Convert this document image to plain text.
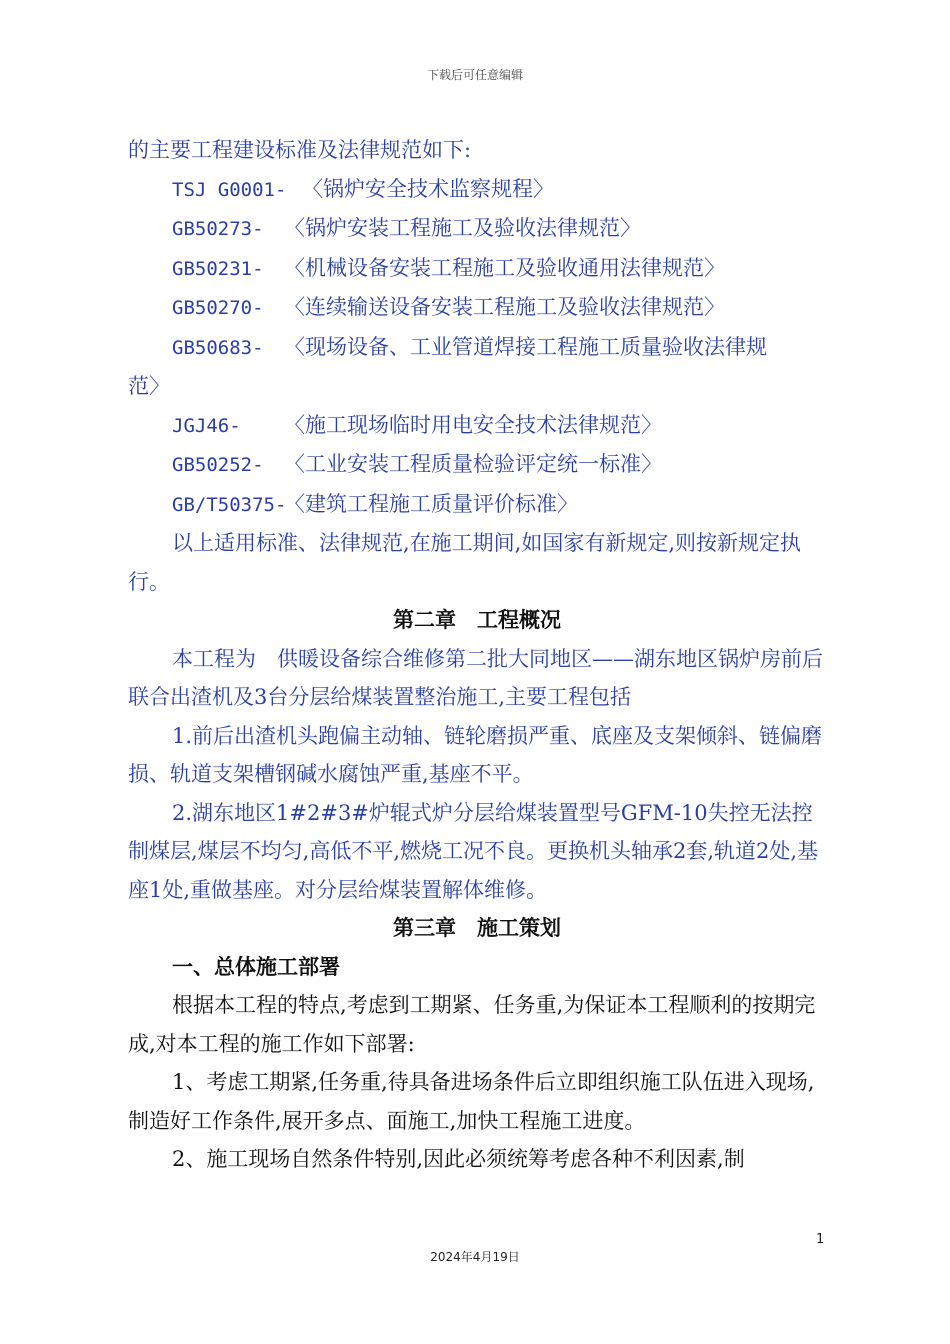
下载后可任意编辑

的主要工程建设标准及法律规范如下:

TSJ G0001- 〈锅炉安全技术监察规程〉

GB50273- 〈锅炉安装工程施工及验收法律规范〉

GB50231- 〈机械设备安装工程施工及验收通用法律规范〉

GB50270- 〈连续输送设备安装工程施工及验收法律规范〉

GB50683- 〈现场设备、工业管道焊接工程施工质量验收法律规

范〉

JGJ46- 〈施工现场临时用电安全技术法律规范〉

GB50252- 〈工业安装工程质量检验评定统一标准〉

GB/T50375-〈建筑工程施工质量评价标准〉

以上适用标准、法律规范,在施工期间,如国家有新规定,则按新规定执行。

第二章　工程概况

本工程为　供暖设备综合维修第二批大同地区——湖东地区锅炉房前后联合出渣机及3台分层给煤装置整治施工,主要工程包括

1.前后出渣机头跑偏主动轴、链轮磨损严重、底座及支架倾斜、链偏磨损、轨道支架槽钢碱水腐蚀严重,基座不平。

2.湖东地区1#2#3#炉辊式炉分层给煤装置型号GFM-10失控无法控制煤层,煤层不均匀,高低不平,燃烧工况不良。更换机头轴承2套,轨道2处,基座1处,重做基座。对分层给煤装置解体维修。

第三章　施工策划

一、总体施工部署

根据本工程的特点,考虑到工期紧、任务重,为保证本工程顺利的按期完成,对本工程的施工作如下部署:

1、考虑工期紧,任务重,待具备进场条件后立即组织施工队伍进入现场,制造好工作条件,展开多点、面施工,加快工程施工进度。

2、施工现场自然条件特别,因此必须统筹考虑各种不利因素,制

1
2024年4月19日
